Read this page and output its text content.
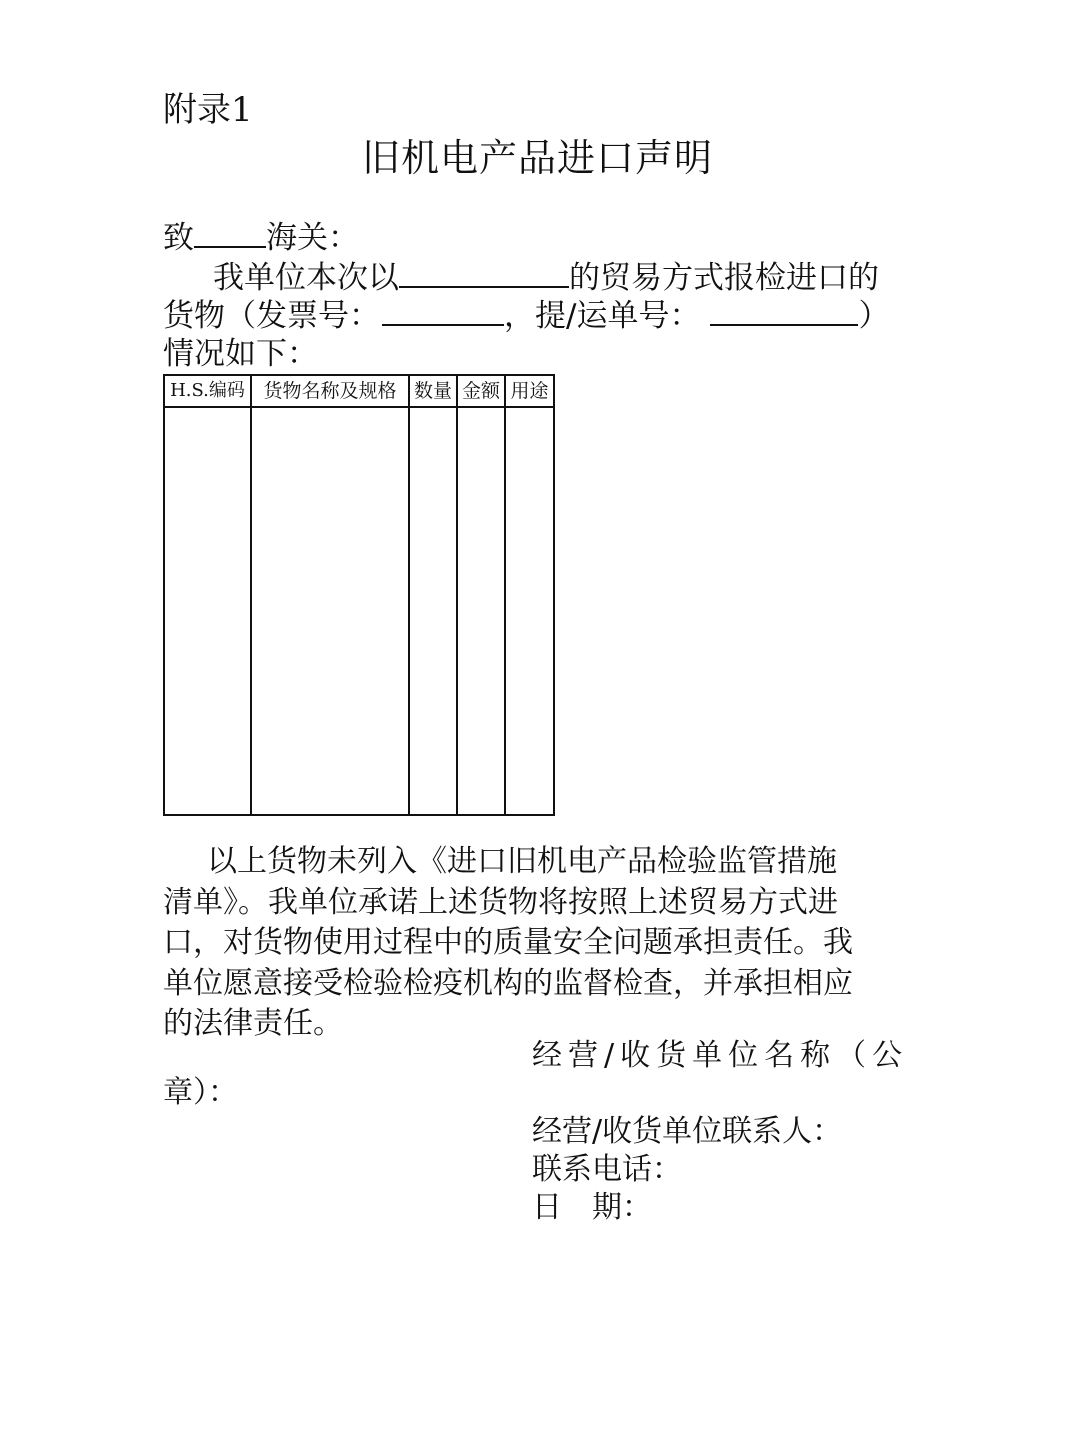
附录1
旧机电产品进口声明
致 海关：
我单位本次以	的贸易方式报检进口的
货物（发票号：	，提/运单号：	）
情况如下：
H.S.编码	货物名称及规格	数量	金额	用途

以上货物未列入《进口旧机电产品检验监管措施
清单》。我单位承诺上述货物将按照上述贸易方式进
口，对货物使用过程中的质量安全问题承担责任。我
单位愿意接受检验检疫机构的监督检查，并承担相应
的法律责任。
经营/收货单位名称（公
章）：
经营/收货单位联系人：
联系电话：
日　期：
